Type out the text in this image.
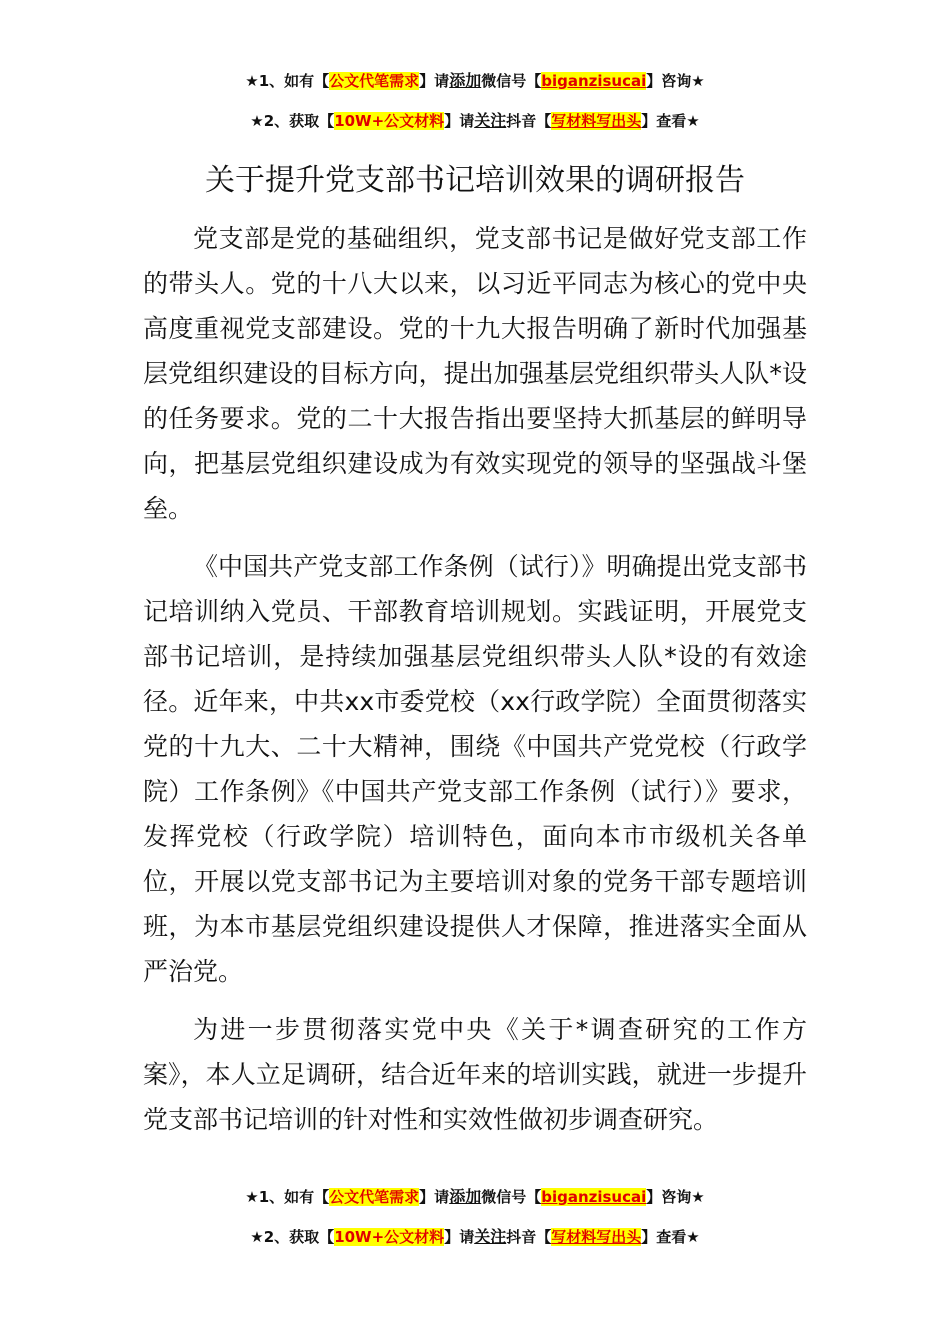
★1、如有【公文代笔需求】请添加微信号【biganzisucai】咨询★
★2、获取【10W+公文材料】请关注抖音【写材料写出头】查看★
关于提升党支部书记培训效果的调研报告

党支部是党的基础组织，党支部书记是做好党支部工作的带头人。党的十八大以来，以习近平同志为核心的党中央高度重视党支部建设。党的十九大报告明确了新时代加强基层党组织建设的目标方向，提出加强基层党组织带头人队*设的任务要求。党的二十大报告指出要坚持大抓基层的鲜明导向，把基层党组织建设成为有效实现党的领导的坚强战斗堡垒。

《中国共产党支部工作条例（试行）》明确提出党支部书记培训纳入党员、干部教育培训规划。实践证明，开展党支部书记培训，是持续加强基层党组织带头人队*设的有效途径。近年来，中共xx市委党校（xx行政学院）全面贯彻落实党的十九大、二十大精神，围绕《中国共产党党校（行政学院）工作条例》《中国共产党支部工作条例（试行）》要求，发挥党校（行政学院）培训特色，面向本市市级机关各单位，开展以党支部书记为主要培训对象的党务干部专题培训班，为本市基层党组织建设提供人才保障，推进落实全面从严治党。

为进一步贯彻落实党中央《关于*调查研究的工作方案》，本人立足调研，结合近年来的培训实践，就进一步提升党支部书记培训的针对性和实效性做初步调查研究。

★1、如有【公文代笔需求】请添加微信号【biganzisucai】咨询★
★2、获取【10W+公文材料】请关注抖音【写材料写出头】查看★
